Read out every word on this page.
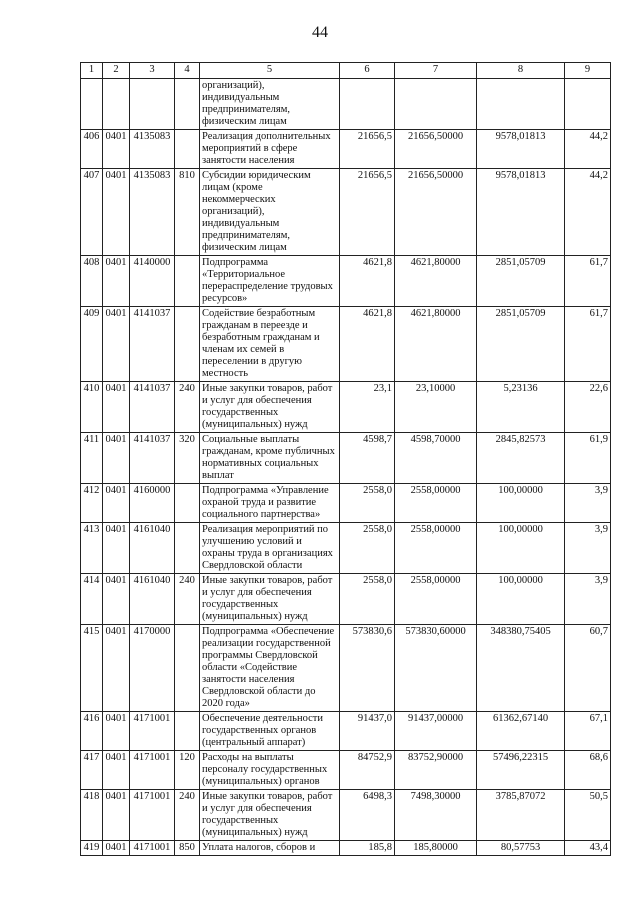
44
1	2	3	4	5	6	7	8	9
				организаций), индивидуальным предпринимателям, физическим лицам				
406	0401	4135083		Реализация дополнительных мероприятий в сфере занятости населения	21656,5	21656,50000	9578,01813	44,2
407	0401	4135083	810	Субсидии юридическим лицам (кроме некоммерческих организаций), индивидуальным предпринимателям, физическим лицам	21656,5	21656,50000	9578,01813	44,2
408	0401	4140000		Подпрограмма «Территориальное перераспределение трудовых ресурсов»	4621,8	4621,80000	2851,05709	61,7
409	0401	4141037		Содействие безработным гражданам в переезде и безработным гражданам и членам их семей в переселении в другую местность	4621,8	4621,80000	2851,05709	61,7
410	0401	4141037	240	Иные закупки товаров, работ и услуг для обеспечения государственных (муниципальных) нужд	23,1	23,10000	5,23136	22,6
411	0401	4141037	320	Социальные выплаты гражданам, кроме публичных нормативных социальных выплат	4598,7	4598,70000	2845,82573	61,9
412	0401	4160000		Подпрограмма «Управление охраной труда и развитие социального партнерства»	2558,0	2558,00000	100,00000	3,9
413	0401	4161040		Реализация мероприятий по улучшению условий и охраны труда в организациях Свердловской области	2558,0	2558,00000	100,00000	3,9
414	0401	4161040	240	Иные закупки товаров, работ и услуг для обеспечения государственных (муниципальных) нужд	2558,0	2558,00000	100,00000	3,9
415	0401	4170000		Подпрограмма «Обеспечение реализации государственной программы Свердловской области «Содействие занятости населения Свердловской области до 2020 года»	573830,6	573830,60000	348380,75405	60,7
416	0401	4171001		Обеспечение деятельности государственных органов (центральный аппарат)	91437,0	91437,00000	61362,67140	67,1
417	0401	4171001	120	Расходы на выплаты персоналу государственных (муниципальных) органов	84752,9	83752,90000	57496,22315	68,6
418	0401	4171001	240	Иные закупки товаров, работ и услуг для обеспечения государственных (муниципальных) нужд	6498,3	7498,30000	3785,87072	50,5
419	0401	4171001	850	Уплата налогов, сборов и	185,8	185,80000	80,57753	43,4
